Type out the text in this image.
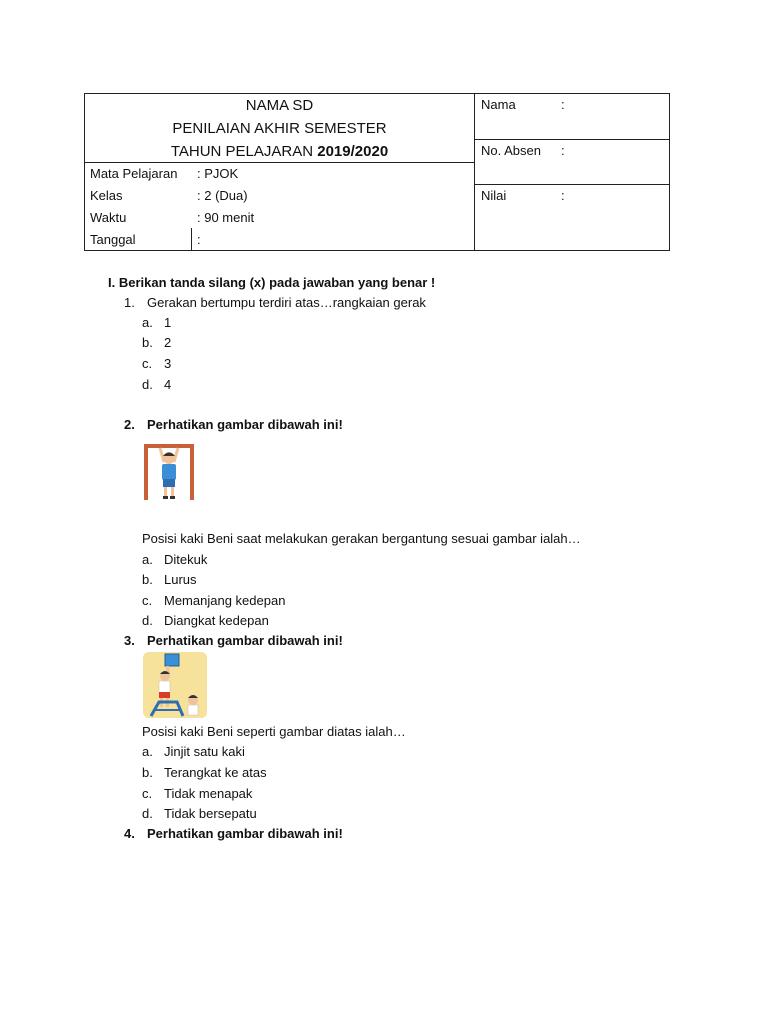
NAMA SD
PENILAIAN AKHIR SEMESTER
TAHUN PELAJARAN 2019/2020
Mata Pelajaran : PJOK
Kelas	: 2 (Dua)
Waktu	: 90 menit
Tanggal	:
Nama	:
No. Absen :
Nilai	:
I. Berikan tanda silang (x) pada jawaban yang benar !
1. Gerakan bertumpu terdiri atas…rangkaian gerak
a. 1
b. 2
c. 3
d. 4
2. Perhatikan gambar dibawah ini!
Posisi kaki Beni saat melakukan gerakan bergantung sesuai gambar ialah…
a. Ditekuk
b. Lurus
c. Memanjang kedepan
d. Diangkat kedepan
3. Perhatikan gambar dibawah ini!
Posisi kaki Beni seperti gambar diatas ialah…
a. Jinjit satu kaki
b. Terangkat ke atas
c. Tidak menapak
d. Tidak bersepatu
4. Perhatikan gambar dibawah ini!
